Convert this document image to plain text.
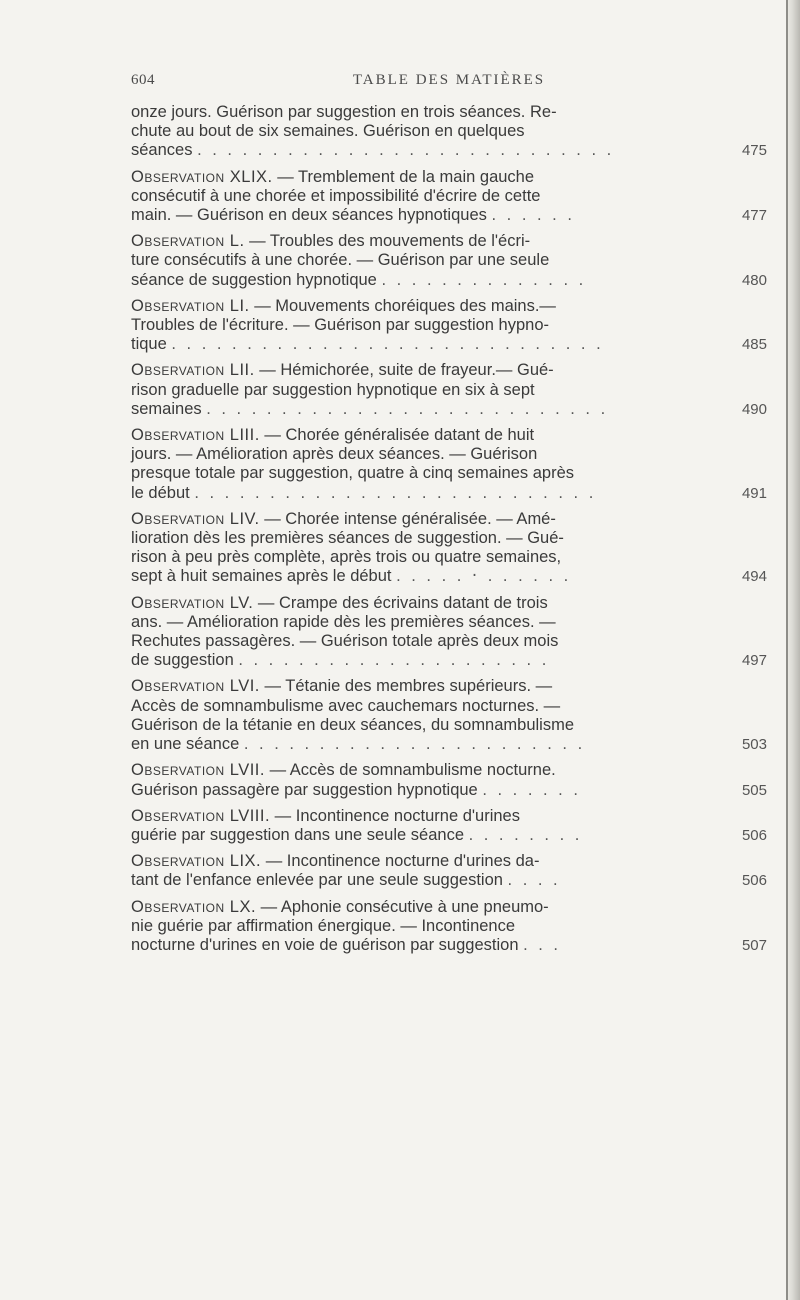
604	TABLE DES MATIÈRES
onze jours. Guérison par suggestion en trois séances. Re-
chute au bout de six semaines. Guérison en quelques
séances . . . . . . . . . . . . . . . . . . . . . . . . . . . .	475
Observation XLIX. — Tremblement de la main gauche
consécutif à une chorée et impossibilité d'écrire de cette
main. — Guérison en deux séances hypnotiques . . . . . .	477
Observation L. — Troubles des mouvements de l'écri-
ture consécutifs à une chorée. — Guérison par une seule
séance de suggestion hypnotique . . . . . . . . . . . . . .	480
Observation LI. — Mouvements choréiques des mains.—
Troubles de l'écriture. — Guérison par suggestion hypno-
tique . . . . . . . . . . . . . . . . . . . . . . . . . . . . .	485
Observation LII. — Hémichorée, suite de frayeur.— Gué-
rison graduelle par suggestion hypnotique en six à sept
semaines . . . . . . . . . . . . . . . . . . . . . . . . . . .	490
Observation LIII. — Chorée généralisée datant de huit
jours. — Amélioration après deux séances. — Guérison
presque totale par suggestion, quatre à cinq semaines après
le début . . . . . . . . . . . . . . . . . . . . . . . . . . .	491
Observation LIV. — Chorée intense généralisée. — Amé-
lioration dès les premières séances de suggestion. — Gué-
rison à peu près complète, après trois ou quatre semaines,
sept à huit semaines après le début . . . . . ‧ . . . . . .	494
Observation LV. — Crampe des écrivains datant de trois
ans. — Amélioration rapide dès les premières séances. —
Rechutes passagères. — Guérison totale après deux mois
de suggestion . . . . . . . . . . . . . . . . . . . . .	497
Observation LVI. — Tétanie des membres supérieurs. —
Accès de somnambulisme avec cauchemars nocturnes. —
Guérison de la tétanie en deux séances, du somnambulisme
en une séance . . . . . . . . . . . . . . . . . . . . . . .	503
Observation LVII. — Accès de somnambulisme nocturne.
Guérison passagère par suggestion hypnotique . . . . . . .	505
Observation LVIII. — Incontinence nocturne d'urines
guérie par suggestion dans une seule séance . . . . . . . .	506
Observation LIX. — Incontinence nocturne d'urines da-
tant de l'enfance enlevée par une seule suggestion . . . .	506
Observation LX. — Aphonie consécutive à une pneumo-
nie guérie par affirmation énergique. — Incontinence
nocturne d'urines en voie de guérison par suggestion . . .	507
